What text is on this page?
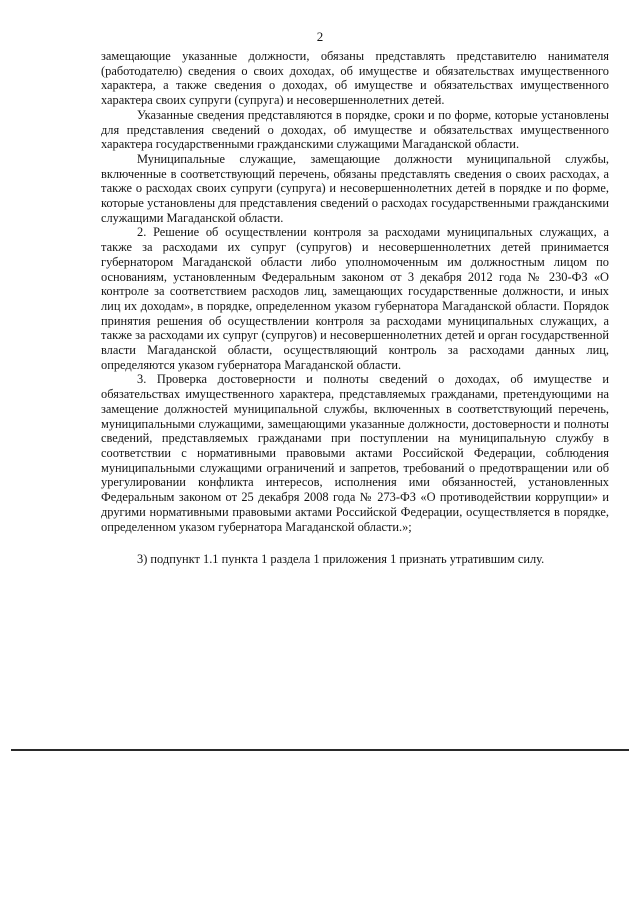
2

замещающие указанные должности, обязаны представлять представителю нанимателя (работодателю) сведения о своих доходах, об имуществе и обязательствах имущественного характера, а также сведения о доходах, об имуществе и обязательствах имущественного характера своих супруги (супруга) и несовершеннолетних детей.

Указанные сведения представляются в порядке, сроки и по форме, которые установлены для представления сведений о доходах, об имуществе и обязательствах имущественного характера государственными гражданскими служащими Магаданской области.

Муниципальные служащие, замещающие должности муниципальной службы, включенные в соответствующий перечень, обязаны представлять сведения о своих расходах, а также о расходах своих супруги (супруга) и несовершеннолетних детей в порядке и по форме, которые установлены для представления сведений о расходах государственными гражданскими служащими Магаданской области.

2. Решение об осуществлении контроля за расходами муниципальных служащих, а также за расходами их супруг (супругов) и несовершеннолетних детей принимается губернатором Магаданской области либо уполномоченным им должностным лицом по основаниям, установленным Федеральным законом от 3 декабря 2012 года № 230-ФЗ «О контроле за соответствием расходов лиц, замещающих государственные должности, и иных лиц их доходам», в порядке, определенном указом губернатора Магаданской области. Порядок принятия решения об осуществлении контроля за расходами муниципальных служащих, а также за расходами их супруг (супругов) и несовершеннолетних детей и орган государственной власти Магаданской области, осуществляющий контроль за расходами данных лиц, определяются указом губернатора Магаданской области.

3. Проверка достоверности и полноты сведений о доходах, об имуществе и обязательствах имущественного характера, представляемых гражданами, претендующими на замещение должностей муниципальной службы, включенных в соответствующий перечень, муниципальными служащими, замещающими указанные должности, достоверности и полноты сведений, представляемых гражданами при поступлении на муниципальную службу в соответствии с нормативными правовыми актами Российской Федерации, соблюдения муниципальными служащими ограничений и запретов, требований о предотвращении или об урегулировании конфликта интересов, исполнения ими обязанностей, установленных Федеральным законом от 25 декабря 2008 года № 273-ФЗ «О противодействии коррупции» и другими нормативными правовыми актами Российской Федерации, осуществляется в порядке, определенном указом губернатора Магаданской области.»;

3) подпункт 1.1 пункта 1 раздела 1 приложения 1 признать утратившим силу.
